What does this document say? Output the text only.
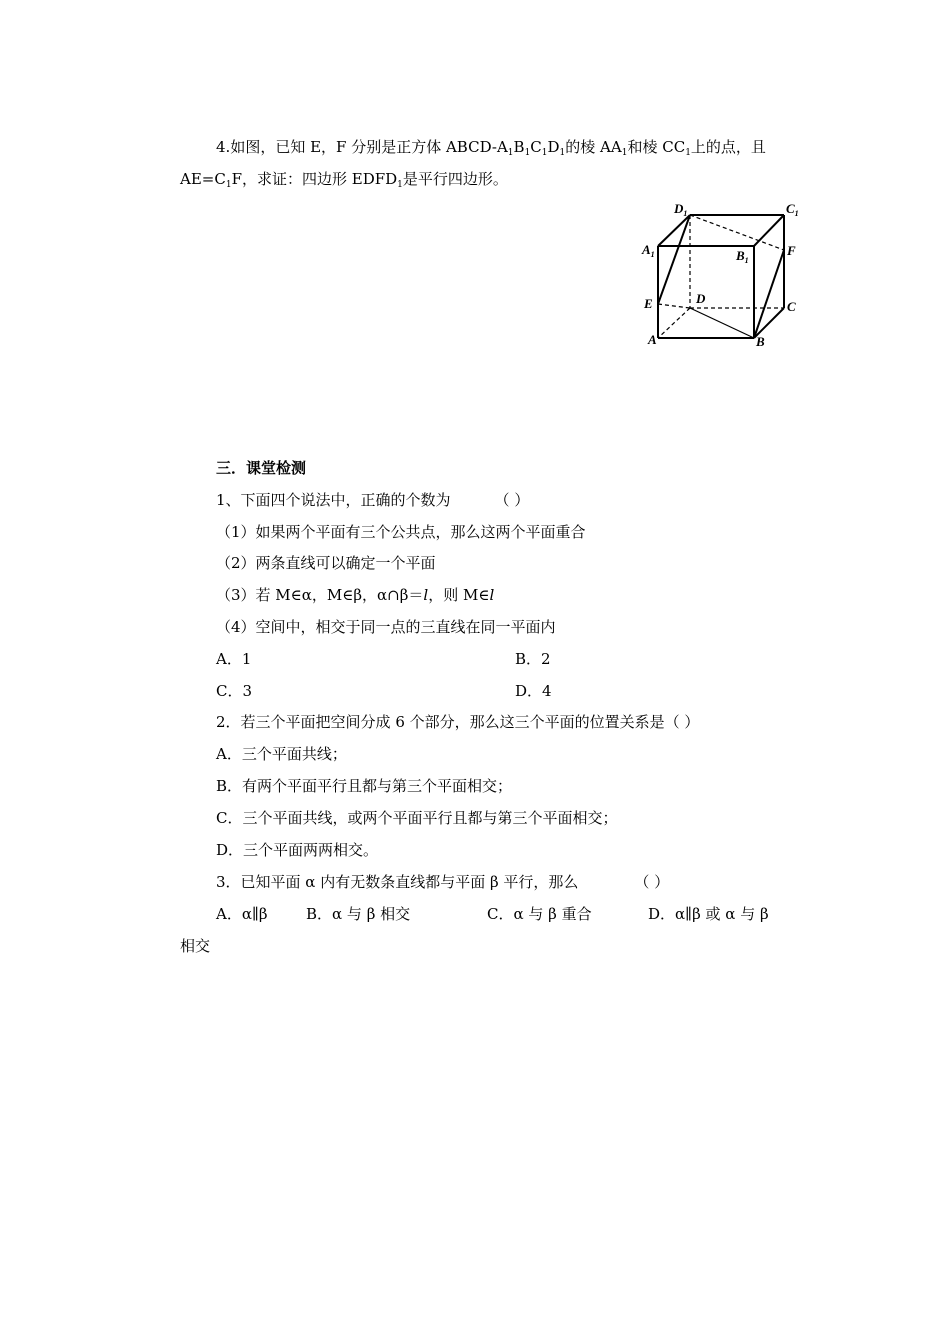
4.如图，已知 E，F 分别是正方体 ABCD-$A_1B_1C_1D_1$的棱 $AA_1$和棱 $CC_1$上的点，且
$AE=C_1F$，求证：四边形 $EDFD_1$是平行四边形。
$D_1$	$C_1$
$A_1$	$B_1$
F
E	D
C
A	B
三．课堂检测
1、下面四个说法中，正确的个数为	（ ）
（1）如果两个平面有三个公共点，那么这两个平面重合
（2）两条直线可以确定一个平面
（3）若 M∈α，M∈β，α∩β＝l，则 M∈l
（4）空间中，相交于同一点的三直线在同一平面内
A．1	B．2
C．3	D．4
2．若三个平面把空间分成 6 个部分，那么这三个平面的位置关系是（ ）
A．三个平面共线；
B．有两个平面平行且都与第三个平面相交；
C．三个平面共线，或两个平面平行且都与第三个平面相交；
D．三个平面两两相交。
3．已知平面 α 内有无数条直线都与平面 β 平行，那么	（ ）
A．α∥β	B．α 与 β 相交	C．α 与 β 重合	D．α∥β 或 α 与 β
相交
